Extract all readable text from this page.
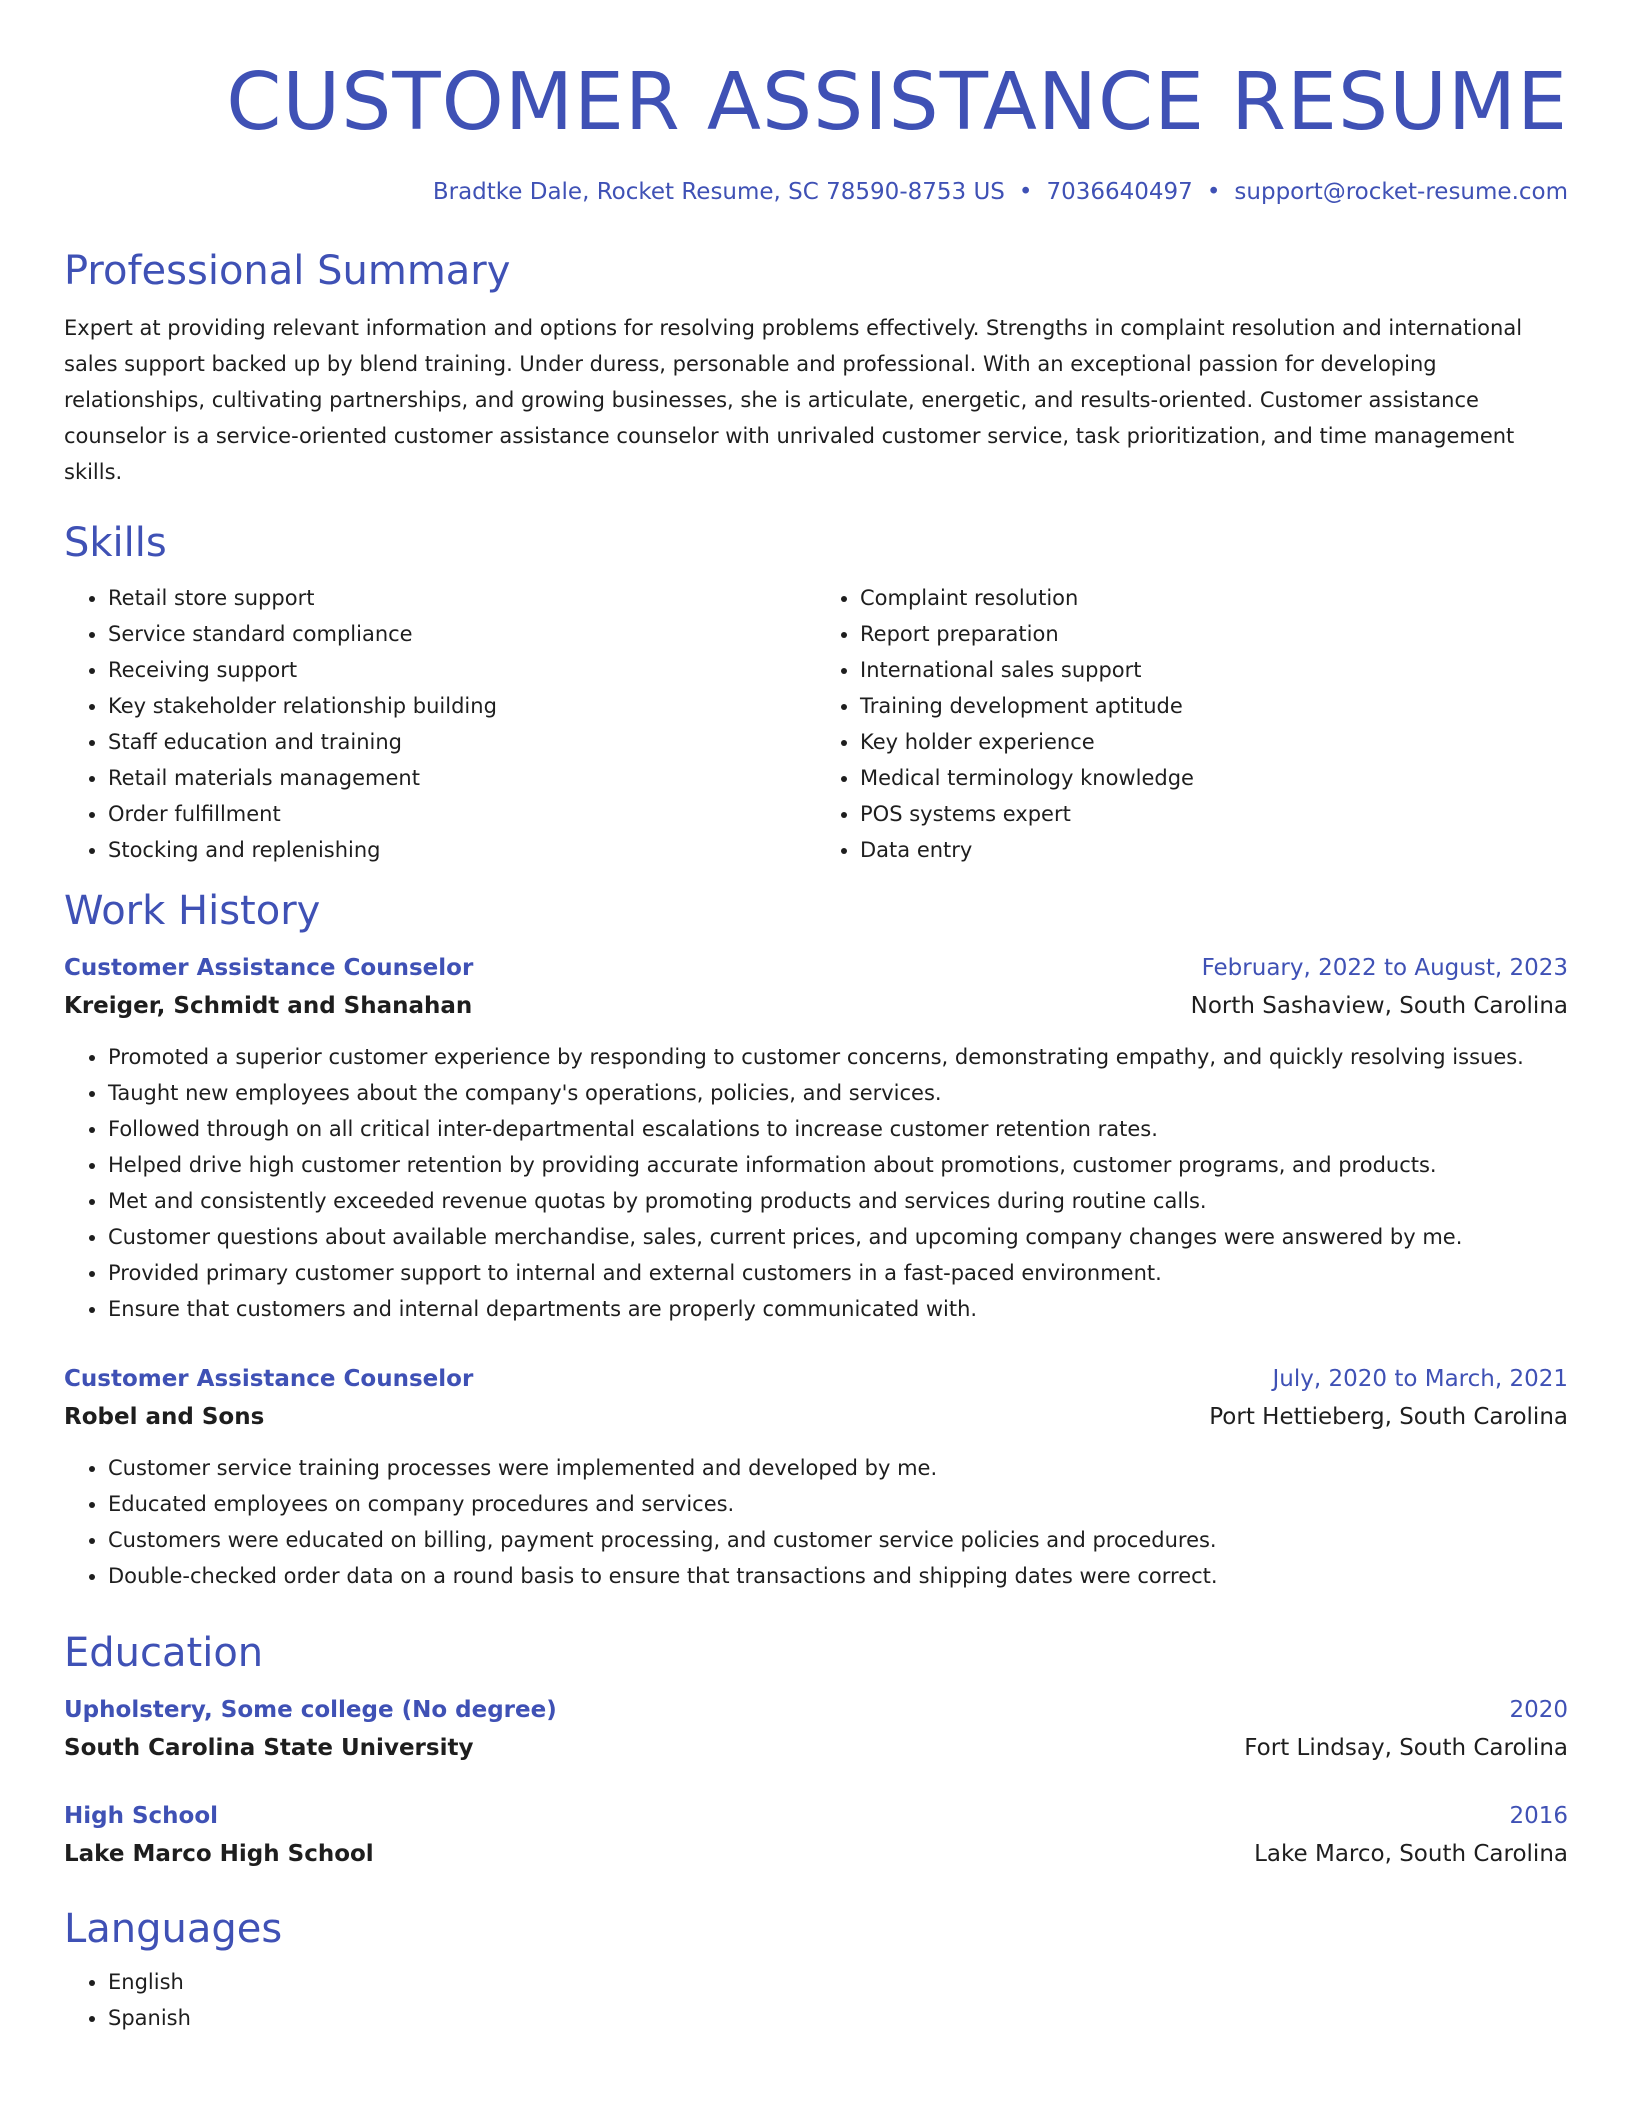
CUSTOMER ASSISTANCE RESUME
Bradtke Dale, Rocket Resume, SC 78590-8753 US • 7036640497 • support@rocket-resume.com
Professional Summary
Expert at providing relevant information and options for resolving problems effectively. Strengths in complaint resolution and international sales support backed up by blend training. Under duress, personable and professional. With an exceptional passion for developing relationships, cultivating partnerships, and growing businesses, she is articulate, energetic, and results-oriented. Customer assistance counselor is a service-oriented customer assistance counselor with unrivaled customer service, task prioritization, and time management skills.
Skills
• Retail store support
• Service standard compliance
• Receiving support
• Key stakeholder relationship building
• Staff education and training
• Retail materials management
• Order fulfillment
• Stocking and replenishing
• Complaint resolution
• Report preparation
• International sales support
• Training development aptitude
• Key holder experience
• Medical terminology knowledge
• POS systems expert
• Data entry
Work History
Customer Assistance Counselor	February, 2022 to August, 2023
Kreiger, Schmidt and Shanahan	North Sashaview, South Carolina
• Promoted a superior customer experience by responding to customer concerns, demonstrating empathy, and quickly resolving issues.
• Taught new employees about the company's operations, policies, and services.
• Followed through on all critical inter-departmental escalations to increase customer retention rates.
• Helped drive high customer retention by providing accurate information about promotions, customer programs, and products.
• Met and consistently exceeded revenue quotas by promoting products and services during routine calls.
• Customer questions about available merchandise, sales, current prices, and upcoming company changes were answered by me.
• Provided primary customer support to internal and external customers in a fast-paced environment.
• Ensure that customers and internal departments are properly communicated with.
Customer Assistance Counselor	July, 2020 to March, 2021
Robel and Sons	Port Hettieberg, South Carolina
• Customer service training processes were implemented and developed by me.
• Educated employees on company procedures and services.
• Customers were educated on billing, payment processing, and customer service policies and procedures.
• Double-checked order data on a round basis to ensure that transactions and shipping dates were correct.
Education
Upholstery, Some college (No degree)	2020
South Carolina State University	Fort Lindsay, South Carolina
High School	2016
Lake Marco High School	Lake Marco, South Carolina
Languages
• English
• Spanish
